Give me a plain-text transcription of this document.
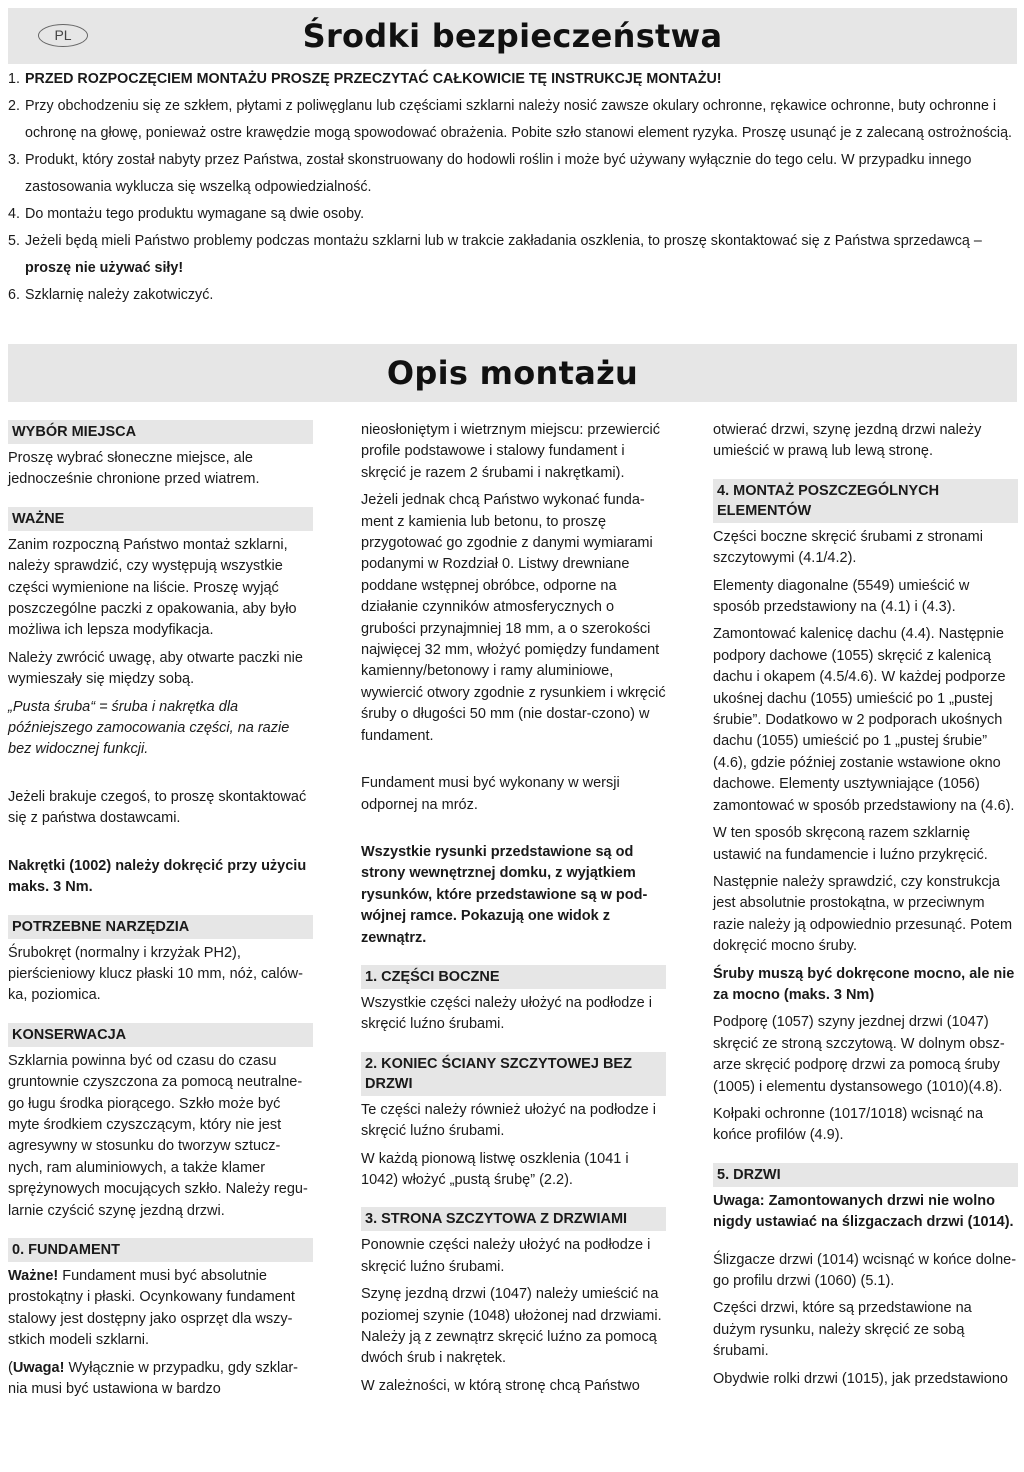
Środki bezpieczeństwa
PL
1. PRZED ROZPOCZĘCIEM MONTAŻU PROSZĘ PRZECZYTAĆ CAŁKOWICIE TĘ INSTRUKCJĘ MONTAŻU!
2. Przy obchodzeniu się ze szkłem, płytami z poliwęglanu lub częściami szklarni należy nosić zawsze okulary ochronne, rękawice ochronne, buty ochronne i ochronę na głowę, ponieważ ostre krawędzie mogą spowodować obrażenia. Pobite szło stanowi element ryzyka. Proszę usunąć je z zalecaną ostrożnością.
3. Produkt, który został nabyty przez Państwa, został skonstruowany do hodowli roślin i może być używany wyłącznie do tego celu. W przypadku innego zastosowania wyklucza się wszelką odpowiedzialność.
4. Do montażu tego produktu wymagane są dwie osoby.
5. Jeżeli będą mieli Państwo problemy podczas montażu szklarni lub w trakcie zakładania oszklenia, to proszę skontaktować się z Państwa sprzedawcą – proszę nie używać siły!
6. Szklarnię należy zakotwiczyć.
Opis montażu
WYBÓR MIEJSCA

Proszę wybrać słoneczne miejsce, ale jednocześnie chronione przed wiatrem.

WAŻNE

Zanim rozpoczną Państwo montaż szklarni, należy sprawdzić, czy występują wszystkie części wymienione na liście. Proszę wyjąć poszczególne paczki z opakowania, aby było możliwa ich lepsza modyfikacja.

Należy zwrócić uwagę, aby otwarte paczki nie wymieszały się między sobą.

„Pusta śruba“ = śruba i nakrętka dla późniejszego zamocowania części, na razie bez widocznej funkcji.

Jeżeli brakuje czegoś, to proszę skontaktować się z państwa dostawcami.

Nakrętki (1002) należy dokręcić przy użyciu maks. 3 Nm.

POTRZEBNE NARZĘDZIA

Śrubokręt (normalny i krzyżak PH2), pierścieniowy klucz płaski 10 mm, nóż, calów-ka, poziomica.

KONSERWACJA

Szklarnia powinna być od czasu do czasu gruntownie czyszczona za pomocą neutralne-go ługu środka piorącego. Szkło może być myte środkiem czyszczącym, który nie jest agresywny w stosunku do tworzyw sztucz-nych, ram aluminiowych, a także klamer sprężynowych mocujących szkło. Należy regu-larnie czyścić szynę jezdną drzwi.

0. FUNDAMENT

Ważne! Fundament musi być absolutnie prostokątny i płaski. Ocynkowany fundament stalowy jest dostępny jako osprzęt dla wszy-stkich modeli szklarni.

(Uwaga! Wyłącznie w przypadku, gdy szklar-nia musi być ustawiona w bardzo

nieosłoniętym i wietrznym miejscu: przewiercić profile podstawowe i stalowy fundament i skręcić je razem 2 śrubami i nakrętkami).

Jeżeli jednak chcą Państwo wykonać funda-ment z kamienia lub betonu, to proszę przygotować go zgodnie z danymi wymiarami podanymi w Rozdział 0. Listwy drewniane poddane wstępnej obróbce, odporne na działanie czynników atmosferycznych o grubości przynajmniej 18 mm, a o szerokości najwięcej 32 mm, włożyć pomiędzy fundament kamienny/betonowy i ramy aluminiowe, wywiercić otwory zgodnie z rysunkiem i wkręcić śruby o długości 50 mm (nie dostar-czono) w fundament.

Fundament musi być wykonany w wersji odpornej na mróz.

Wszystkie rysunki przedstawione są od strony wewnętrznej domku, z wyjątkiem rysunków, które przedstawione są w pod-wójnej ramce. Pokazują one widok z zewnątrz.

1. CZĘŚCI BOCZNE

Wszystkie części należy ułożyć na podłodze i skręcić luźno śrubami.

2. KONIEC ŚCIANY SZCZYTOWEJ BEZ DRZWI

Te części należy również ułożyć na podłodze i skręcić luźno śrubami.

W każdą pionową listwę oszklenia (1041 i 1042) włożyć „pustą śrubę” (2.2).

3. STRONA SZCZYTOWA Z DRZWIAMI

Ponownie części należy ułożyć na podłodze i skręcić luźno śrubami.

Szynę jezdną drzwi (1047) należy umieścić na poziomej szynie (1048) ułożonej nad drzwiami. Należy ją z zewnątrz skręcić luźno za pomocą dwóch śrub i nakrętek.

W zależności, w którą stronę chcą Państwo

otwierać drzwi, szynę jezdną drzwi należy umieścić w prawą lub lewą stronę.

4. MONTAŻ POSZCZEGÓLNYCH ELEMENTÓW

Części boczne skręcić śrubami z stronami szczytowymi (4.1/4.2).

Elementy diagonalne (5549) umieścić w sposób przedstawiony na (4.1) i (4.3).

Zamontować kalenicę dachu (4.4). Następnie podpory dachowe (1055) skręcić z kalenicą dachu i okapem (4.5/4.6). W każdej podporze ukośnej dachu (1055) umieścić po 1 „pustej śrubie”. Dodatkowo w 2 podporach ukośnych dachu (1055) umieścić po 1 „pustej śrubie” (4.6), gdzie później zostanie wstawione okno dachowe. Elementy usztywniające (1056) zamontować w sposób przedstawiony na (4.6).

W ten sposób skręconą razem szklarnię ustawić na fundamencie i luźno przykręcić.

Następnie należy sprawdzić, czy konstrukcja jest absolutnie prostokątna, w przeciwnym razie należy ją odpowiednio przesunąć. Potem dokręcić mocno śruby.

Śruby muszą być dokręcone mocno, ale nie za mocno (maks. 3 Nm)

Podporę (1057) szyny jezdnej drzwi (1047) skręcić ze stroną szczytową. W dolnym obsz-arze skręcić podporę drzwi za pomocą śruby (1005) i elementu dystansowego (1010)(4.8).

Kołpaki ochronne (1017/1018) wcisnąć na końce profilów (4.9).

5. DRZWI

Uwaga: Zamontowanych drzwi nie wolno nigdy ustawiać na ślizgaczach drzwi (1014).

Ślizgacze drzwi (1014) wcisnąć w końce dolne-go profilu drzwi (1060) (5.1).

Części drzwi, które są przedstawione na dużym rysunku, należy skręcić ze sobą śrubami.

Obydwie rolki drzwi (1015), jak przedstawiono
